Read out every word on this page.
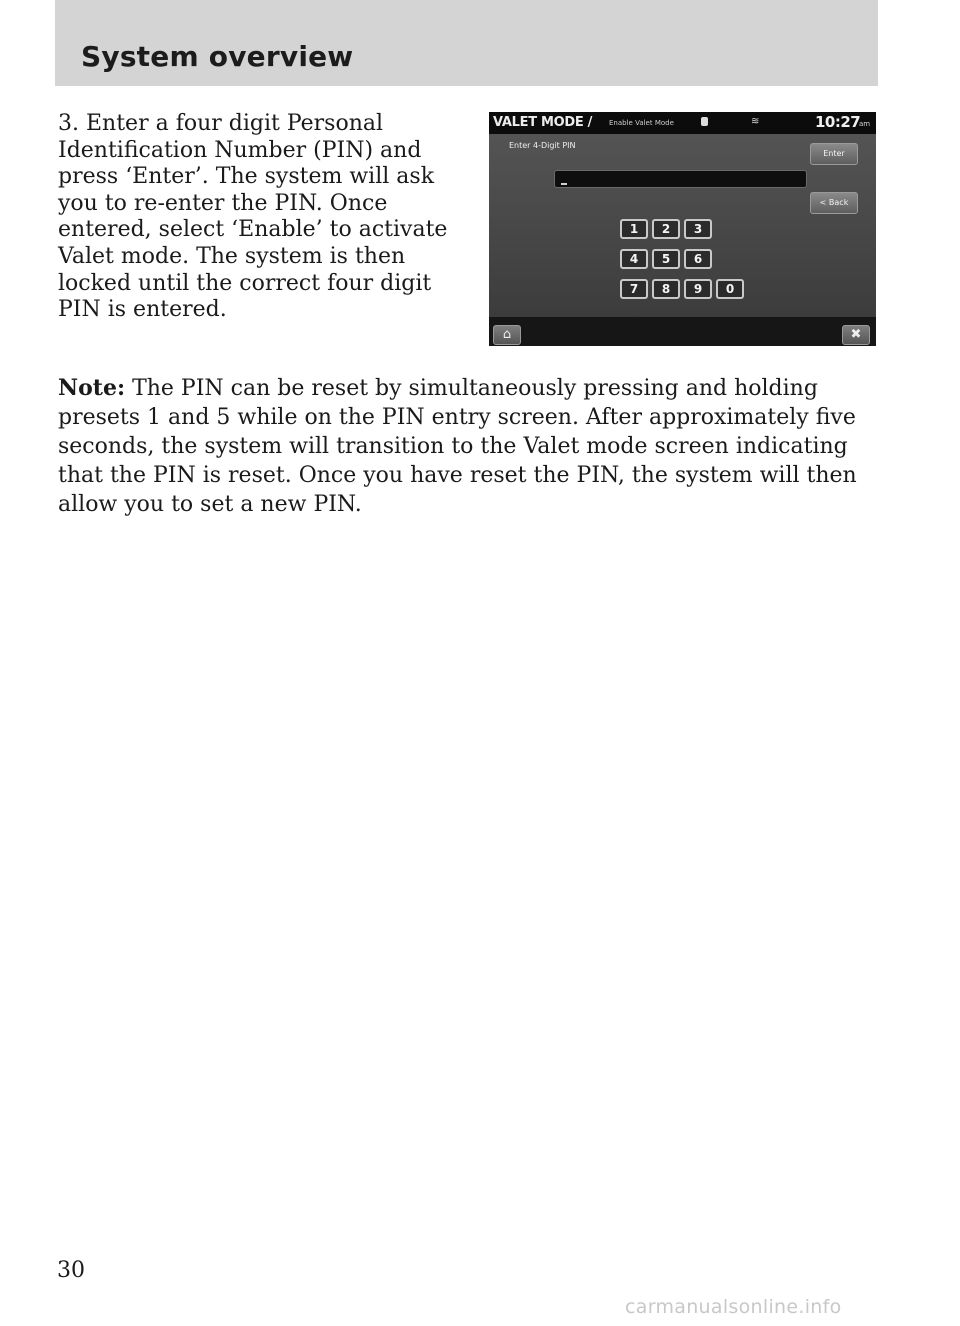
System overview

3. Enter a four digit Personal Identification Number (PIN) and press ‘Enter’. The system will ask you to re-enter the PIN. Once entered, select ‘Enable’ to activate Valet mode. The system is then locked until the correct four digit PIN is entered.

VALET MODE / Enable Valet Mode	≋	10:27
am
Enter 4-Digit PIN
Enter
< Back
1	2	3
4	5	6
7	8	9	0
⌂	✖

Note: The PIN can be reset by simultaneously pressing and holding presets 1 and 5 while on the PIN entry screen. After approximately five seconds, the system will transition to the Valet mode screen indicating that the PIN is reset. Once you have reset the PIN, the system will then allow you to set a new PIN.

30
carmanualsonline.info
